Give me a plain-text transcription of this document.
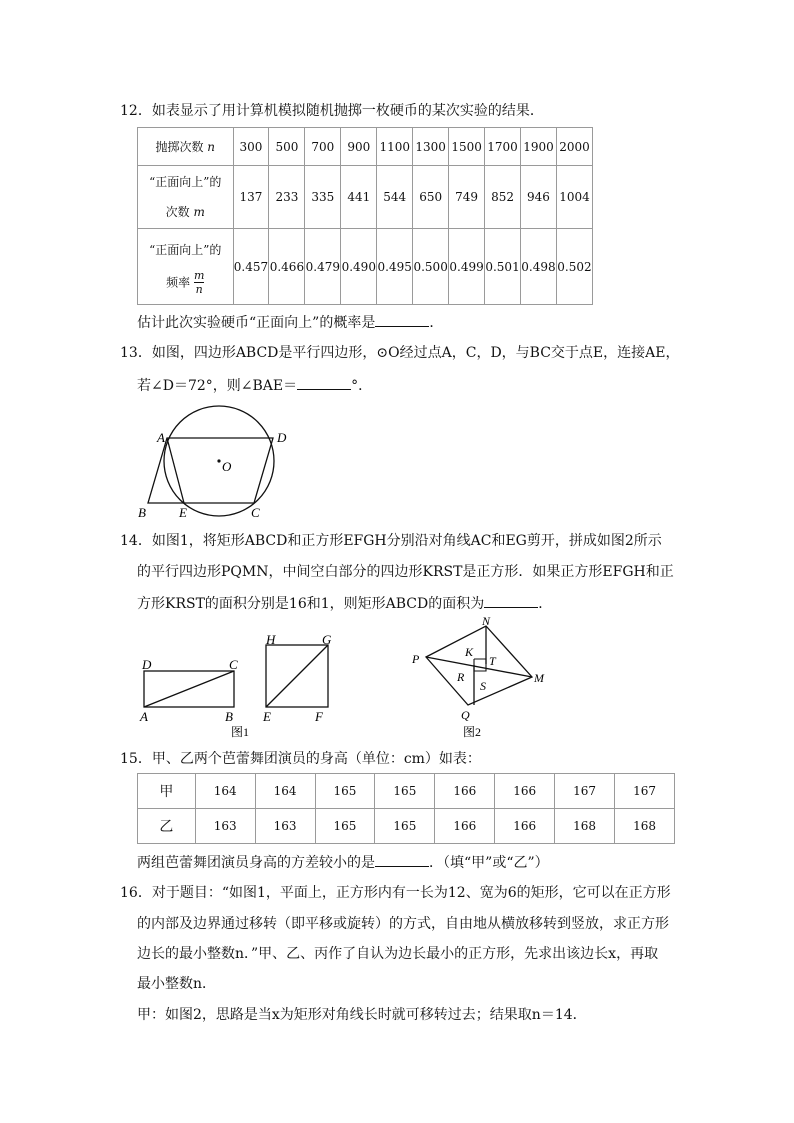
12．如表显示了用计算机模拟随机抛掷一枚硬币的某次实验的结果．
抛掷次数 n	300	500	700	900	1100	1300	1500	1700	1900	2000

“正面向上”的
次数 m	137	233	335	441	544	650	749	852	946	1004

“正面向上”的
频率 $\frac{m}{n}$	0.457	0.466	0.479	0.490	0.495	0.500	0.499	0.501	0.498	0.502
估计此次实验硬币“正面向上”的概率是	．
13．如图，四边形ABCD是平行四边形，⊙O经过点A，C，D，与BC交于点E，连接AE，
若∠D＝72°，则∠BAE＝	°．
A	D
O
B	E	C
14．如图1，将矩形ABCD和正方形EFGH分别沿对角线AC和EG剪开，拼成如图2所示
的平行四边形PQMN，中间空白部分的四边形KRST是正方形．如果正方形EFGH和正
方形KRST的面积分别是16和1，则矩形ABCD的面积为	．
D	C
A	B
H	G
E	F
图1
P
N
K
T
R
S
M
Q
图2
15．甲、乙两个芭蕾舞团演员的身高（单位：cm）如表：
甲	164	164	165	165	166	166	167	167
乙	163	163	165	165	166	166	168	168
两组芭蕾舞团演员身高的方差较小的是	．（填“甲”或“乙”）
16．对于题目：“如图1，平面上，正方形内有一长为12、宽为6的矩形，它可以在正方形
的内部及边界通过移转（即平移或旋转）的方式，自由地从横放移转到竖放，求正方形
边长的最小整数n．”甲、乙、丙作了自认为边长最小的正方形，先求出该边长x，再取
最小整数n．
甲：如图2，思路是当x为矩形对角线长时就可移转过去；结果取n＝14．
